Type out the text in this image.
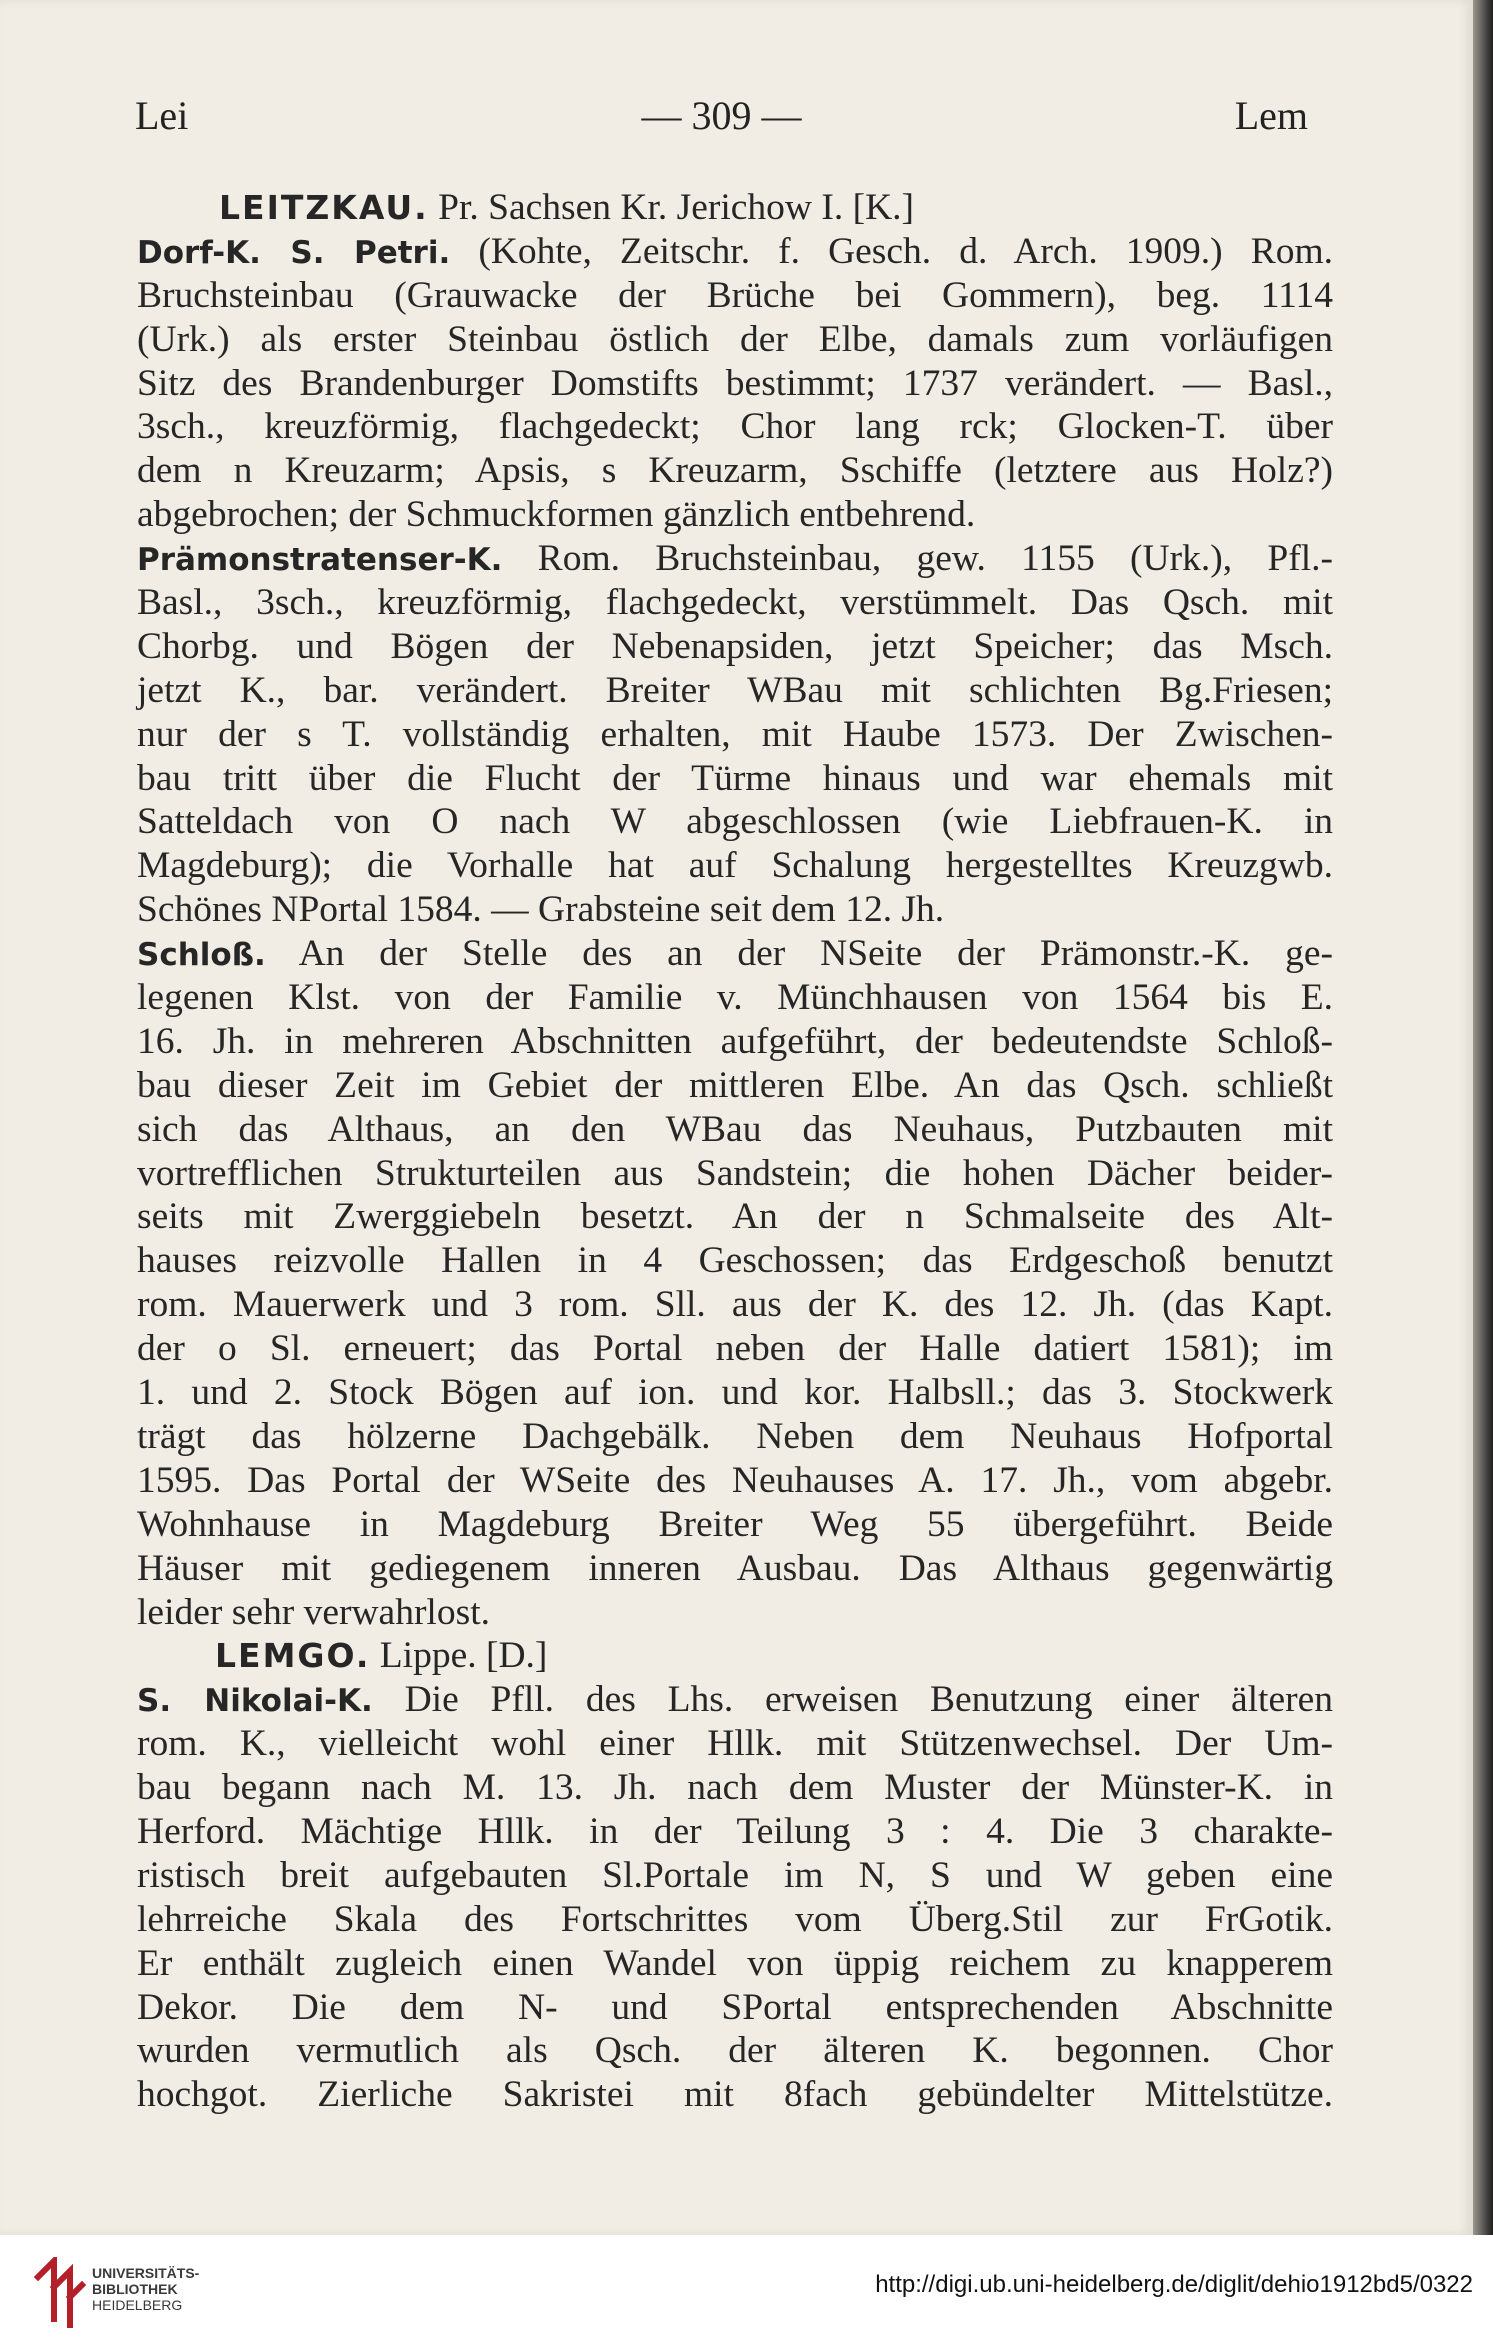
Lei	— 309 —	Lem
LEITZKAU. Pr. Sachsen Kr. Jerichow I. [K.]
Dorf-K. S. Petri. (Kohte, Zeitschr. f. Gesch. d. Arch. 1909.) Rom.
Bruchsteinbau (Grauwacke der Brüche bei Gommern), beg. 1114
(Urk.) als erster Steinbau östlich der Elbe, damals zum vorläufigen
Sitz des Brandenburger Domstifts bestimmt; 1737 verändert. — Basl.,
3sch., kreuzförmig, flachgedeckt; Chor lang rck; Glocken-T. über
dem n Kreuzarm; Apsis, s Kreuzarm, Sschiffe (letztere aus Holz?)
abgebrochen; der Schmuckformen gänzlich entbehrend.
Prämonstratenser-K. Rom. Bruchsteinbau, gew. 1155 (Urk.), Pfl.-
Basl., 3sch., kreuzförmig, flachgedeckt, verstümmelt. Das Qsch. mit
Chorbg. und Bögen der Nebenapsiden, jetzt Speicher; das Msch.
jetzt K., bar. verändert. Breiter WBau mit schlichten Bg.Friesen;
nur der s T. vollständig erhalten, mit Haube 1573. Der Zwischen-
bau tritt über die Flucht der Türme hinaus und war ehemals mit
Satteldach von O nach W abgeschlossen (wie Liebfrauen-K. in
Magdeburg); die Vorhalle hat auf Schalung hergestelltes Kreuzgwb.
Schönes NPortal 1584. — Grabsteine seit dem 12. Jh.
Schloß. An der Stelle des an der NSeite der Prämonstr.-K. ge-
legenen Klst. von der Familie v. Münchhausen von 1564 bis E.
16. Jh. in mehreren Abschnitten aufgeführt, der bedeutendste Schloß-
bau dieser Zeit im Gebiet der mittleren Elbe. An das Qsch. schließt
sich das Althaus, an den WBau das Neuhaus, Putzbauten mit
vortrefflichen Strukturteilen aus Sandstein; die hohen Dächer beider-
seits mit Zwerggiebeln besetzt. An der n Schmalseite des Alt-
hauses reizvolle Hallen in 4 Geschossen; das Erdgeschoß benutzt
rom. Mauerwerk und 3 rom. Sll. aus der K. des 12. Jh. (das Kapt.
der o Sl. erneuert; das Portal neben der Halle datiert 1581); im
1. und 2. Stock Bögen auf ion. und kor. Halbsll.; das 3. Stockwerk
trägt das hölzerne Dachgebälk. Neben dem Neuhaus Hofportal
1595. Das Portal der WSeite des Neuhauses A. 17. Jh., vom abgebr.
Wohnhause in Magdeburg Breiter Weg 55 übergeführt. Beide
Häuser mit gediegenem inneren Ausbau. Das Althaus gegenwärtig
leider sehr verwahrlost.
LEMGO. Lippe. [D.]
S. Nikolai-K. Die Pfll. des Lhs. erweisen Benutzung einer älteren
rom. K., vielleicht wohl einer Hllk. mit Stützenwechsel. Der Um-
bau begann nach M. 13. Jh. nach dem Muster der Münster-K. in
Herford. Mächtige Hllk. in der Teilung 3 : 4. Die 3 charakte-
ristisch breit aufgebauten Sl.Portale im N, S und W geben eine
lehrreiche Skala des Fortschrittes vom Überg.Stil zur FrGotik.
Er enthält zugleich einen Wandel von üppig reichem zu knapperem
Dekor. Die dem N- und SPortal entsprechenden Abschnitte
wurden vermutlich als Qsch. der älteren K. begonnen. Chor
hochgot. Zierliche Sakristei mit 8fach gebündelter Mittelstütze.
UNIVERSITÄTS-
BIBLIOTHEK
HEIDELBERG
http://digi.ub.uni-heidelberg.de/diglit/dehio1912bd5/0322
